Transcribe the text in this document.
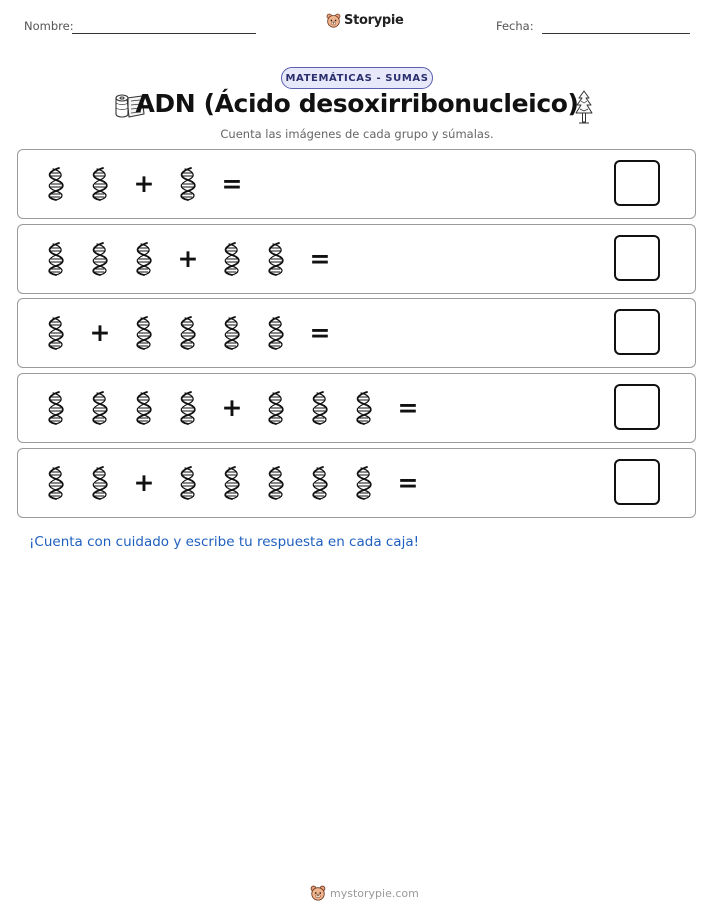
Nombre:	Storypie	Fecha:
MATEMÁTICAS - SUMAS
ADN (Ácido desoxirribonucleico)
Cuenta las imágenes de cada grupo y súmalas.
+	=
+	=
+	=
+	=
+	=
¡Cuenta con cuidado y escribe tu respuesta en cada caja!
mystorypie.com
